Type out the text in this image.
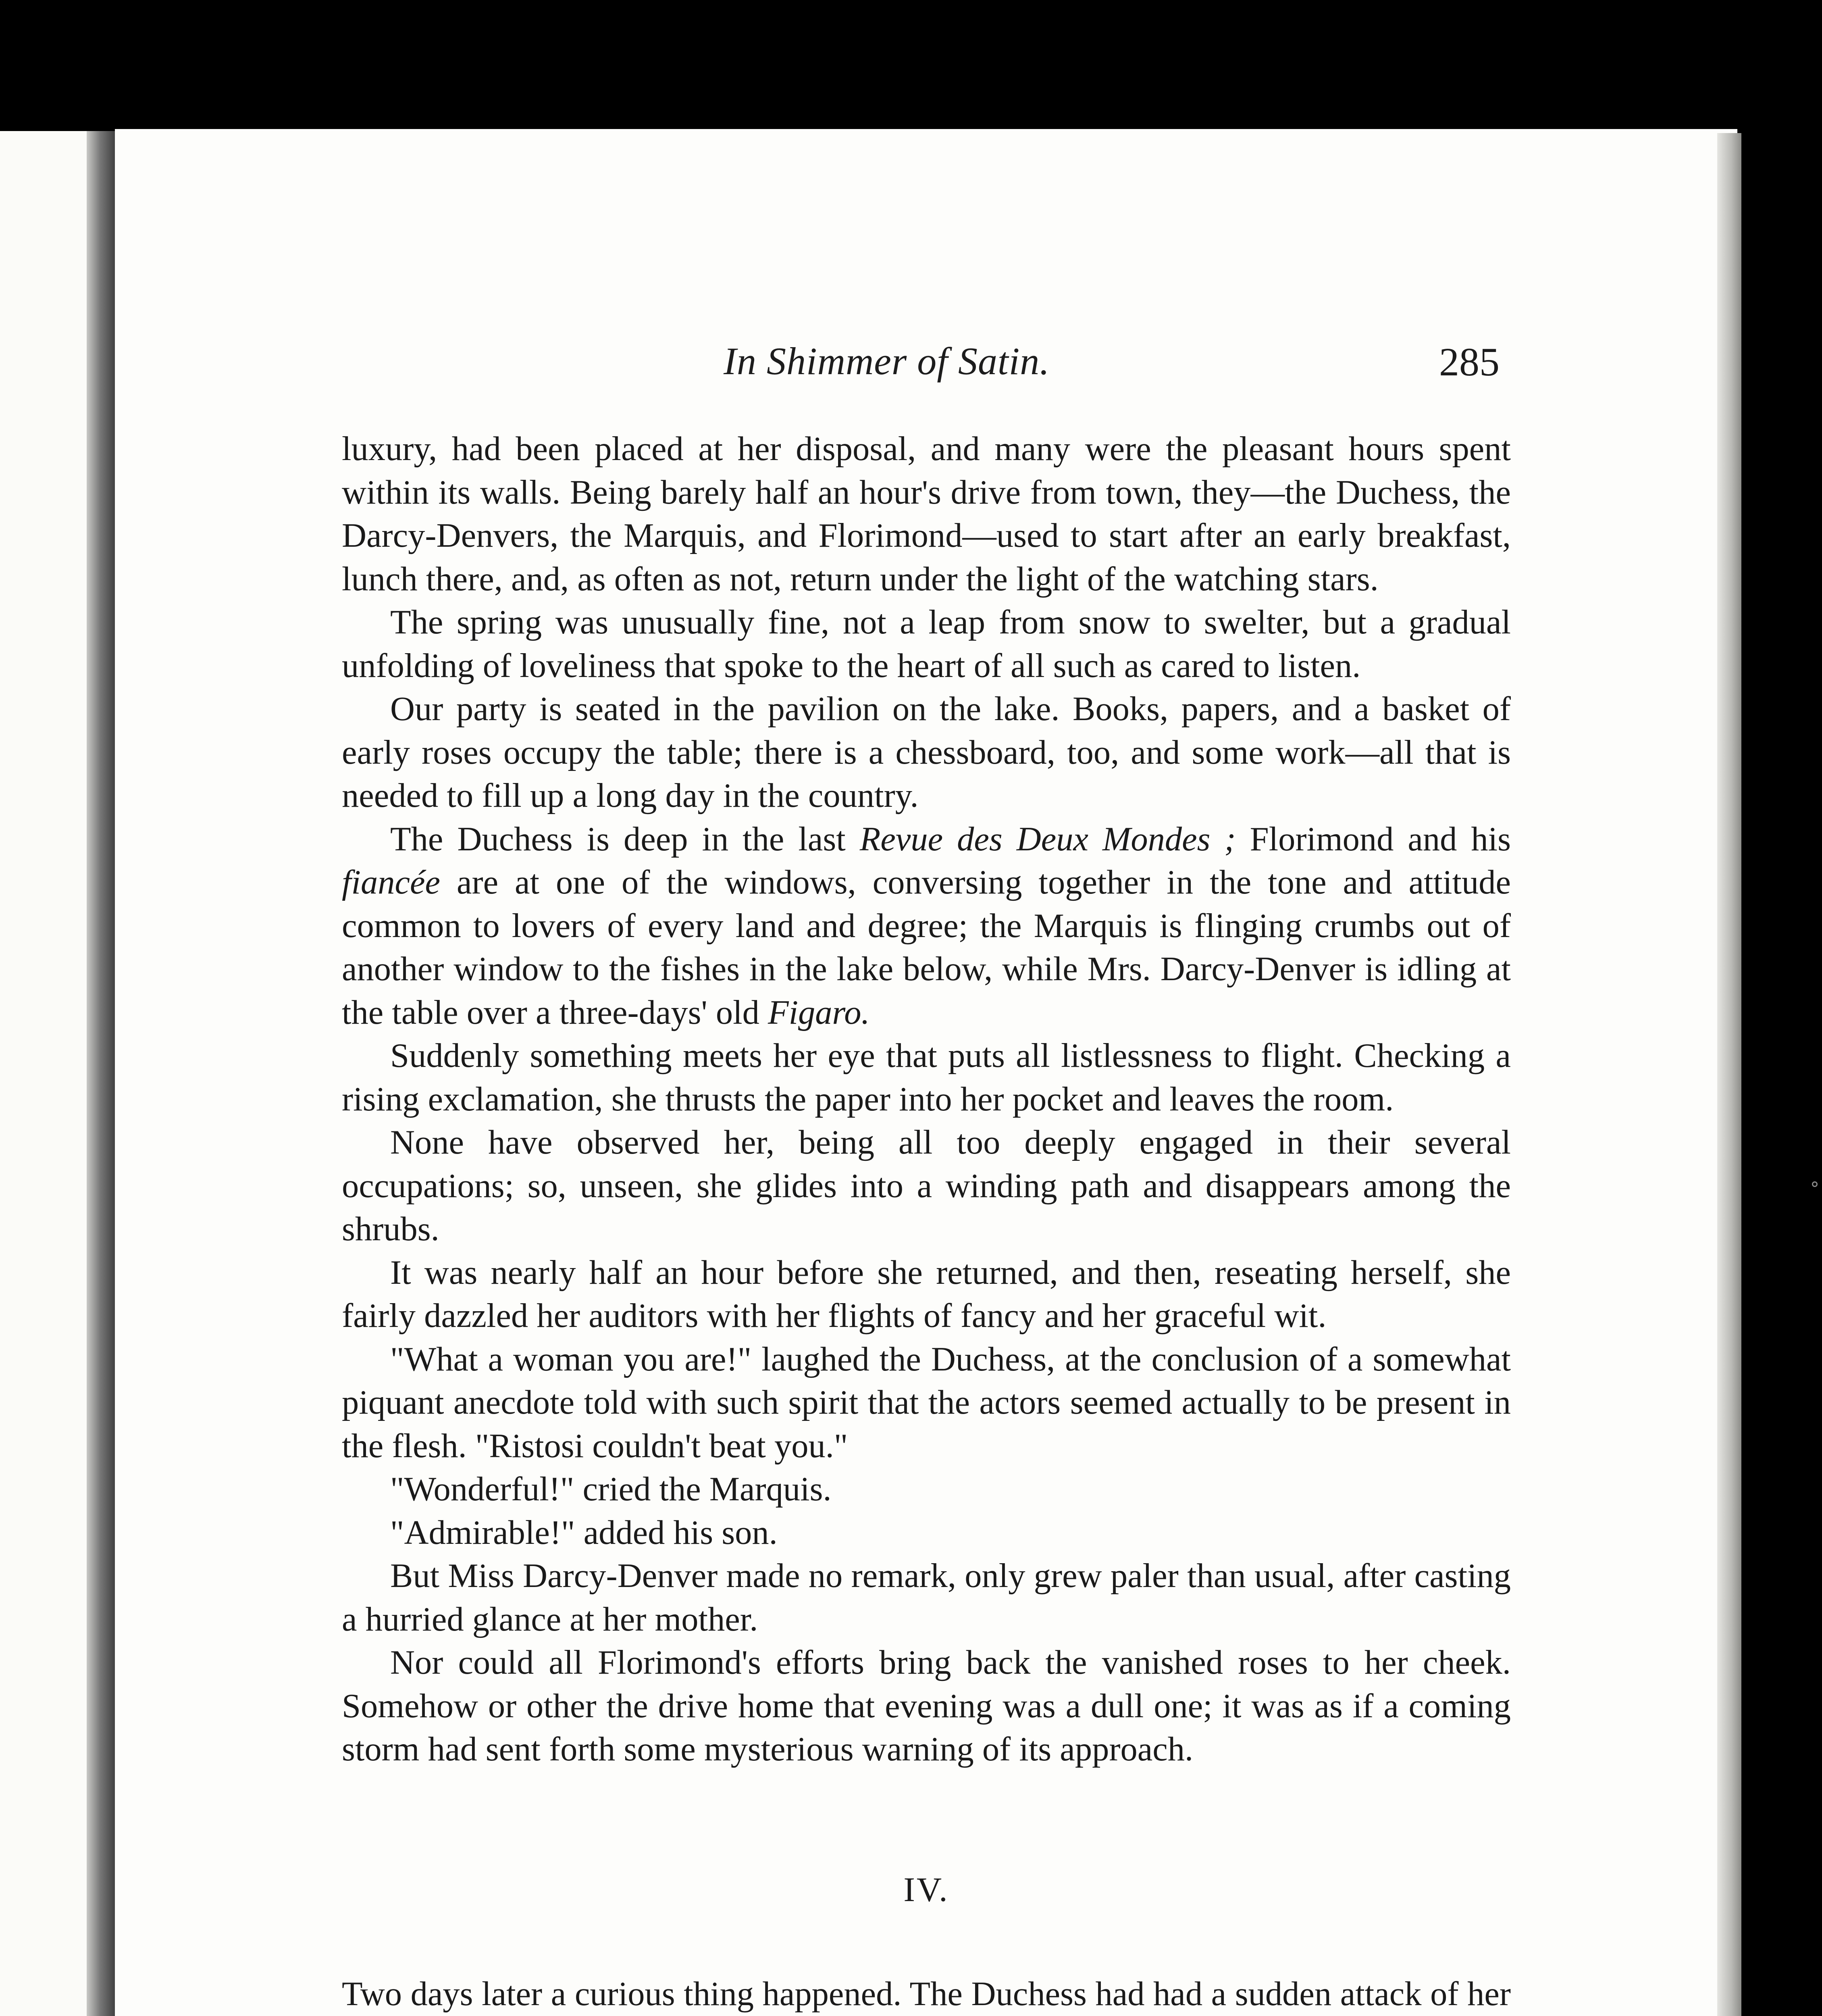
In Shimmer of Satin.	285

luxury, had been placed at her disposal, and many were the pleasant hours spent within its walls. Being barely half an hour's drive from town, they—the Duchess, the Darcy-Denvers, the Marquis, and Florimond—used to start after an early breakfast, lunch there, and, as often as not, return under the light of the watching stars.

The spring was unusually fine, not a leap from snow to swelter, but a gradual unfolding of loveliness that spoke to the heart of all such as cared to listen.

Our party is seated in the pavilion on the lake. Books, papers, and a basket of early roses occupy the table; there is a chessboard, too, and some work—all that is needed to fill up a long day in the country.

The Duchess is deep in the last Revue des Deux Mondes ; Florimond and his fiancée are at one of the windows, conversing together in the tone and attitude common to lovers of every land and degree; the Marquis is flinging crumbs out of another window to the fishes in the lake below, while Mrs. Darcy-Denver is idling at the table over a three-days' old Figaro.

Suddenly something meets her eye that puts all listlessness to flight. Checking a rising exclamation, she thrusts the paper into her pocket and leaves the room.

None have observed her, being all too deeply engaged in their several occupations; so, unseen, she glides into a winding path and disappears among the shrubs.

It was nearly half an hour before she returned, and then, reseating herself, she fairly dazzled her auditors with her flights of fancy and her graceful wit.

"What a woman you are!" laughed the Duchess, at the conclusion of a somewhat piquant anecdote told with such spirit that the actors seemed actually to be present in the flesh. "Ristosi couldn't beat you."

"Wonderful!" cried the Marquis.

"Admirable!" added his son.

But Miss Darcy-Denver made no remark, only grew paler than usual, after casting a hurried glance at her mother.

Nor could all Florimond's efforts bring back the vanished roses to her cheek. Somehow or other the drive home that evening was a dull one; it was as if a coming storm had sent forth some mysterious warning of its approach.

IV.

Two days later a curious thing happened. The Duchess had had a sudden attack of her
